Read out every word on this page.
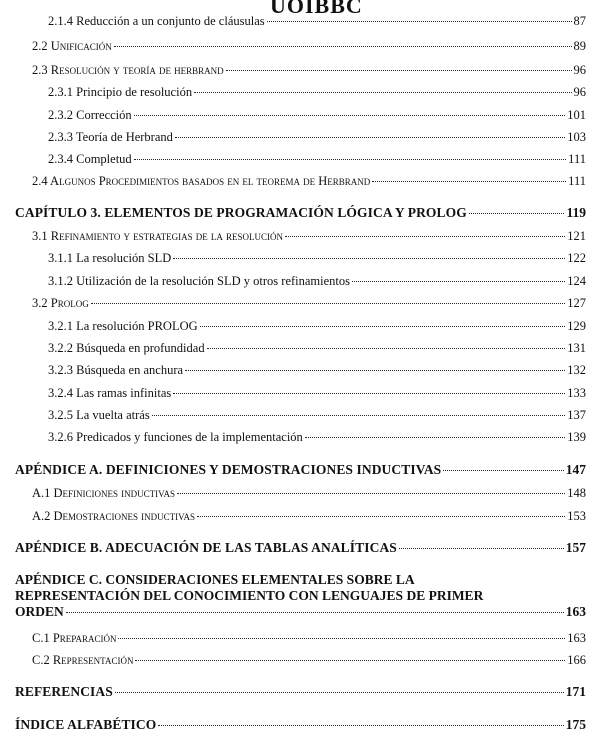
UOIBBC
2.1.4 Reducción a un conjunto de cláusulas	87
2.2 Unificación	89
2.3 Resolución y teoría de herbrand	96
2.3.1 Principio de resolución	96
2.3.2 Corrección	101
2.3.3 Teoría de Herbrand	103
2.3.4 Completud	111
2.4 Algunos Procedimientos basados en el teorema de Herbrand	111
CAPÍTULO 3. ELEMENTOS DE PROGRAMACIÓN LÓGICA Y PROLOG	119
3.1 Refinamiento y estrategias de la resolución	121
3.1.1 La resolución SLD	122
3.1.2 Utilización de la resolución SLD y otros refinamientos	124
3.2 Prolog	127
3.2.1 La resolución PROLOG	129
3.2.2 Búsqueda en profundidad	131
3.2.3 Búsqueda en anchura	132
3.2.4 Las ramas infinitas	133
3.2.5 La vuelta atrás	137
3.2.6 Predicados y funciones de la implementación	139
APÉNDICE A. DEFINICIONES Y DEMOSTRACIONES INDUCTIVAS	147
A.1 Definiciones inductivas	148
A.2 Demostraciones inductivas	153
APÉNDICE B. ADECUACIÓN DE LAS TABLAS ANALÍTICAS	157
APÉNDICE C. CONSIDERACIONES ELEMENTALES SOBRE LA
REPRESENTACIÓN DEL CONOCIMIENTO CON LENGUAJES DE PRIMER
ORDEN	163
C.1 Preparación	163
C.2 Representación	166
REFERENCIAS	171
ÍNDICE ALFABÉTICO	175
